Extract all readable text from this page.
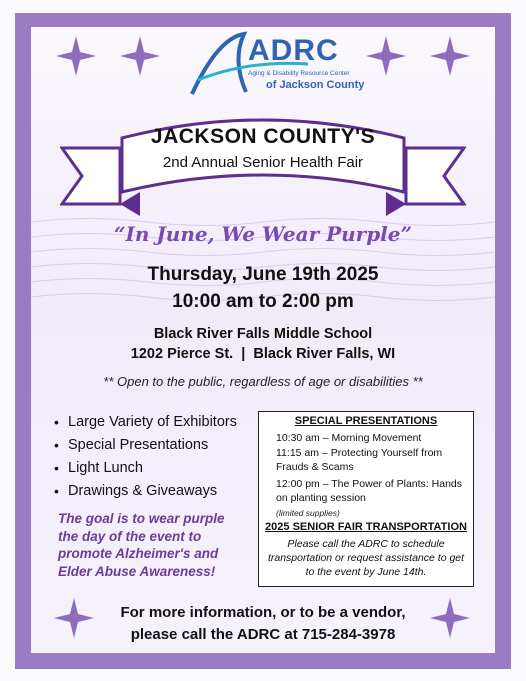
ADRC
Aging & Disability Resource Center
of Jackson County
JACKSON COUNTY'S
2nd Annual Senior Health Fair
“In June, We Wear Purple”
Thursday, June 19th 2025
10:00 am to 2:00 pm
Black River Falls Middle School
1202 Pierce St.  |  Black River Falls, WI
** Open to the public, regardless of age or disabilities **
• Large Variety of Exhibitors
• Special Presentations
• Light Lunch
• Drawings & Giveaways
The goal is to wear purple the day of the event to promote Alzheimer's and Elder Abuse Awareness!
SPECIAL PRESENTATIONS
10:30 am – Morning Movement
11:15 am – Protecting Yourself from Frauds & Scams
12:00 pm – The Power of Plants: Hands on planting session
(limited supplies)
2025 SENIOR FAIR TRANSPORTATION
Please call the ADRC to schedule transportation or request assistance to get to the event by June 14th.
For more information, or to be a vendor,
please call the ADRC at 715-284-3978
